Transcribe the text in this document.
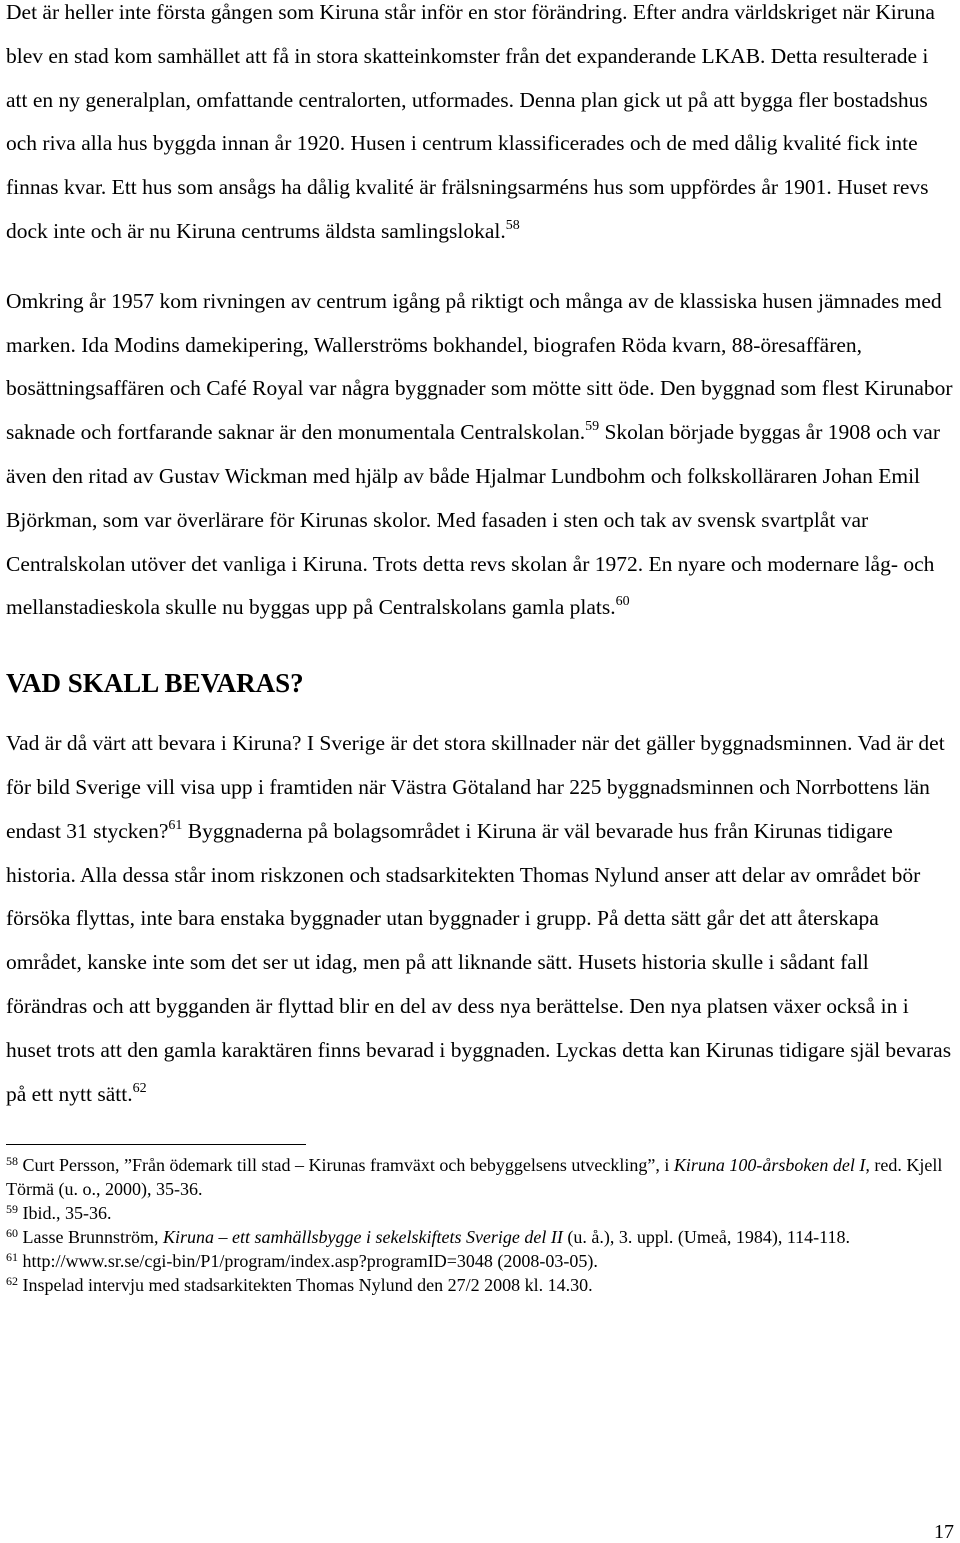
Det är heller inte första gången som Kiruna står inför en stor förändring. Efter andra världskriget när Kiruna blev en stad kom samhället att få in stora skatteinkomster från det expanderande LKAB. Detta resulterade i att en ny generalplan, omfattande centralorten, utformades. Denna plan gick ut på att bygga fler bostadshus och riva alla hus byggda innan år 1920. Husen i centrum klassificerades och de med dålig kvalité fick inte finnas kvar. Ett hus som ansågs ha dålig kvalité är frälsningsarméns hus som uppfördes år 1901. Huset revs dock inte och är nu Kiruna centrums äldsta samlingslokal.$^{58}$

Omkring år 1957 kom rivningen av centrum igång på riktigt och många av de klassiska husen jämnades med marken. Ida Modins damekipering, Wallerströms bokhandel, biografen Röda kvarn, 88-öresaffären, bosättningsaffären och Café Royal var några byggnader som mötte sitt öde. Den byggnad som flest Kirunabor saknade och fortfarande saknar är den monumentala Centralskolan.$^{59}$ Skolan började byggas år 1908 och var även den ritad av Gustav Wickman med hjälp av både Hjalmar Lundbohm och folkskolläraren Johan Emil Björkman, som var överlärare för Kirunas skolor. Med fasaden i sten och tak av svensk svartplåt var Centralskolan utöver det vanliga i Kiruna. Trots detta revs skolan år 1972. En nyare och modernare låg- och mellanstadieskola skulle nu byggas upp på Centralskolans gamla plats.$^{60}$

VAD SKALL BEVARAS?

Vad är då värt att bevara i Kiruna? I Sverige är det stora skillnader när det gäller byggnadsminnen. Vad är det för bild Sverige vill visa upp i framtiden när Västra Götaland har 225 byggnadsminnen och Norrbottens län endast 31 stycken?$^{61}$ Byggnaderna på bolagsområdet i Kiruna är väl bevarade hus från Kirunas tidigare historia. Alla dessa står inom riskzonen och stadsarkitekten Thomas Nylund anser att delar av området bör försöka flyttas, inte bara enstaka byggnader utan byggnader i grupp. På detta sätt går det att återskapa området, kanske inte som det ser ut idag, men på att liknande sätt. Husets historia skulle i sådant fall förändras och att bygganden är flyttad blir en del av dess nya berättelse. Den nya platsen växer också in i huset trots att den gamla karaktären finns bevarad i byggnaden. Lyckas detta kan Kirunas tidigare själ bevaras på ett nytt sätt.$^{62}$

$^{58}$ Curt Persson, ”Från ödemark till stad – Kirunas framväxt och bebyggelsens utveckling”, i Kiruna 100-årsboken del I, red. Kjell Törmä (u. o., 2000), 35-36.

$^{59}$ Ibid., 35-36.

$^{60}$ Lasse Brunnström, Kiruna – ett samhällsbygge i sekelskiftets Sverige del II (u. å.), 3. uppl. (Umeå, 1984), 114-118.

$^{61}$ http://www.sr.se/cgi-bin/P1/program/index.asp?programID=3048 (2008-03-05).

$^{62}$ Inspelad intervju med stadsarkitekten Thomas Nylund den 27/2 2008 kl. 14.30.

17
